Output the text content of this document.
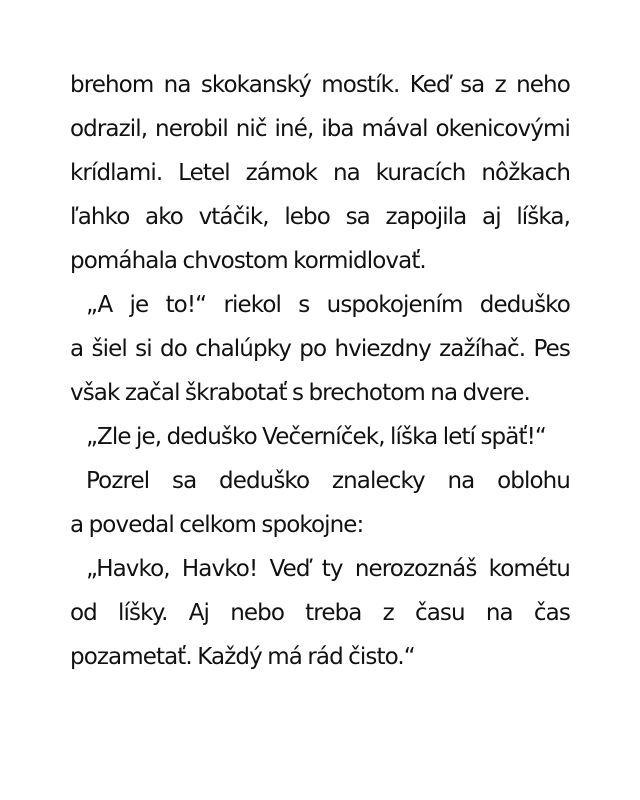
brehom na skokanský mostík. Keď sa z neho
odrazil, nerobil nič iné, iba mával okenicovými
krídlami. Letel zámok na kuracích nôžkach
ľahko ako vtáčik, lebo sa zapojila aj líška,
pomáhala chvostom kormidlovať.
„A je to!“ riekol s uspokojením deduško
a šiel si do chalúpky po hviezdny zažíhač. Pes
však začal škrabotať s brechotom na dvere.
„Zle je, deduško Večerníček, líška letí späť!“
Pozrel sa deduško znalecky na oblohu
a povedal celkom spokojne:
„Havko, Havko! Veď ty nerozoznáš kométu
od líšky. Aj nebo treba z času na čas
pozametať. Každý má rád čisto.“
